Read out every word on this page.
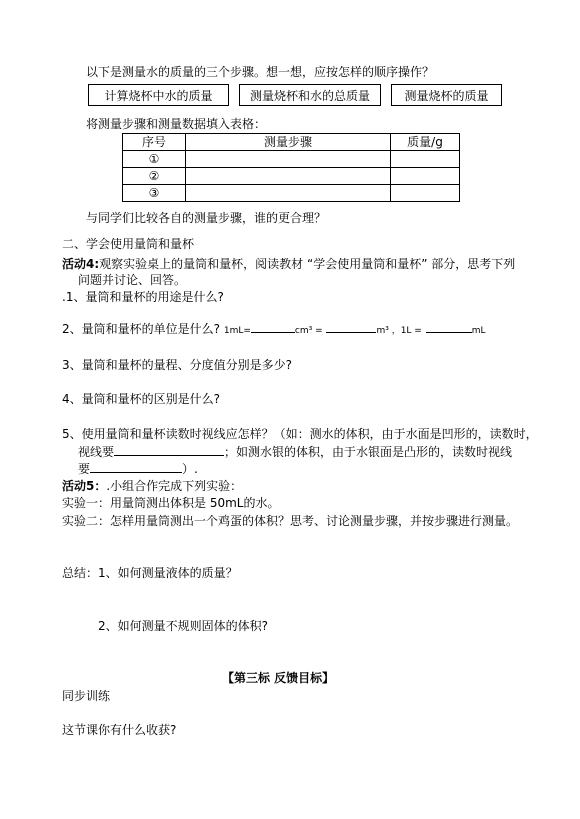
以下是测量水的质量的三个步骤。想一想，应按怎样的顺序操作？
计算烧杯中水的质量	测量烧杯和水的总质量	测量烧杯的质量
将测量步骤和测量数据填入表格：
序号	测量步骤	质量/g
①		
②		
③		
与同学们比较各自的测量步骤，谁的更合理？
二、学会使用量筒和量杯
活动4:观察实验桌上的量筒和量杯，阅读教材 “学会使用量筒和量杯” 部分，思考下列
问题并讨论、回答。
.1、量筒和量杯的用途是什么?
2、量筒和量杯的单位是什么? 1mL=	cm³ =	m³ ，1L =	mL
3、量筒和量杯的量程、分度值分别是多少?
4、量筒和量杯的区别是什么?
5、使用量筒和量杯读数时视线应怎样？（如：测水的体积，由于水面是凹形的，读数时，
视线要	；如测水银的体积，由于水银面是凸形的，读数时视线
要	）.
活动5：.小组合作完成下列实验：
实验一：用量筒测出体积是 50mL的水。
实验二：怎样用量筒测出一个鸡蛋的体积？思考、讨论测量步骤，并按步骤进行测量。
总结：1、如何测量液体的质量？
2、如何测量不规则固体的体积?
【第三标 反馈目标】
同步训练
这节课你有什么收获?
